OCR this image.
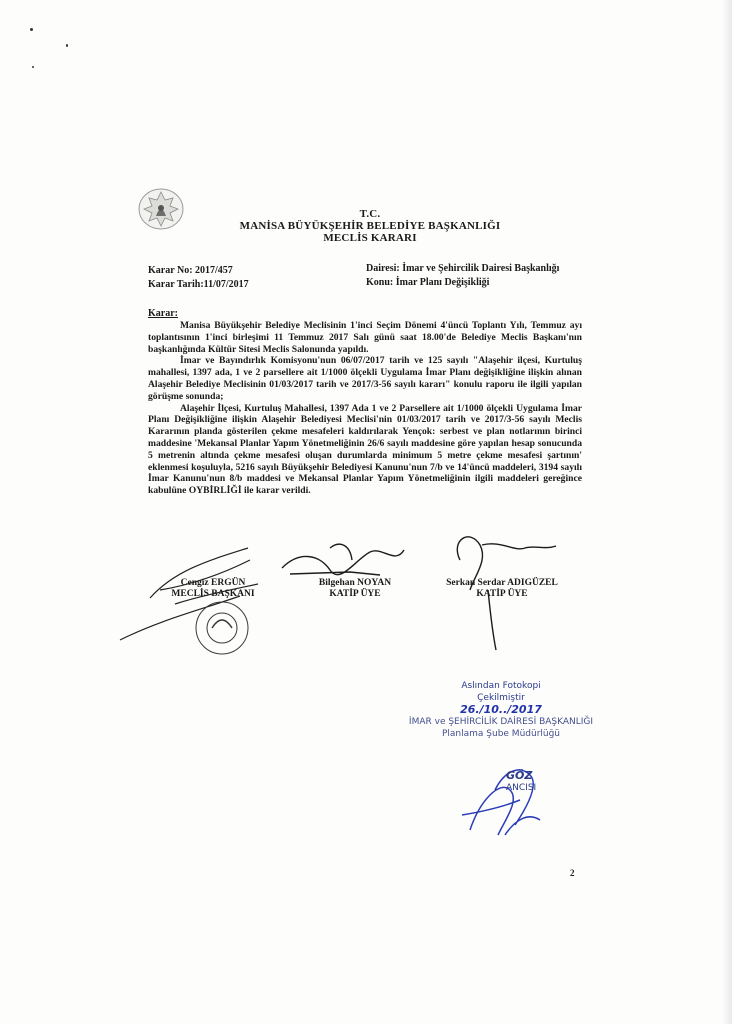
T.C.
MANİSA BÜYÜKŞEHİR BELEDİYE BAŞKANLIĞI
MECLİS KARARI
Karar No: 2017/457
Karar Tarih:11/07/2017
Dairesi: İmar ve Şehircilik Dairesi Başkanlığı
Konu: İmar Planı Değişikliği
Karar:

Manisa Büyükşehir Belediye Meclisinin 1'inci Seçim Dönemi 4'üncü Toplantı Yılı, Temmuz ayı toplantısının 1'inci birleşimi 11 Temmuz 2017 Salı günü saat 18.00'de Belediye Meclis Başkanı'nın başkanlığında Kültür Sitesi Meclis Salonunda yapıldı.

İmar ve Bayındırlık Komisyonu'nun 06/07/2017 tarih ve 125 sayılı "Alaşehir ilçesi, Kurtuluş mahallesi, 1397 ada, 1 ve 2 parsellere ait 1/1000 ölçekli Uygulama İmar Planı değişikliğine ilişkin alınan Alaşehir Belediye Meclisinin 01/03/2017 tarih ve 2017/3-56 sayılı kararı" konulu raporu ile ilgili yapılan görüşme sonunda;

Alaşehir İlçesi, Kurtuluş Mahallesi, 1397 Ada 1 ve 2 Parsellere ait 1/1000 ölçekli Uygulama İmar Planı Değişikliğine ilişkin Alaşehir Belediyesi Meclisi'nin 01/03/2017 tarih ve 2017/3-56 sayılı Meclis Kararının planda gösterilen çekme mesafeleri kaldırılarak Yençok: serbest ve plan notlarının birinci maddesine 'Mekansal Planlar Yapım Yönetmeliğinin 26/6 sayılı maddesine göre yapılan hesap sonucunda 5 metrenin altında çekme mesafesi oluşan durumlarda minimum 5 metre çekme mesafesi şartının' eklenmesi koşuluyla, 5216 sayılı Büyükşehir Belediyesi Kanunu'nun 7/b ve 14'üncü maddeleri, 3194 sayılı İmar Kanunu'nun 8/b maddesi ve Mekansal Planlar Yapım Yönetmeliğinin ilgili maddeleri gereğince kabulüne OYBİRLİĞİ ile karar verildi.

Cengiz ERGÜN
MECLİS BAŞKANI
Bilgehan NOYAN
KATİP ÜYE
Serkan Serdar ADIGÜZEL
KATİP ÜYE
Aslından Fotokopi
Çekilmiştir
26./10../2017
İMAR ve ŞEHİRCİLİK DAİRESİ BAŞKANLIĞI
Planlama Şube Müdürlüğü
GÖZ
ANCISI
2
